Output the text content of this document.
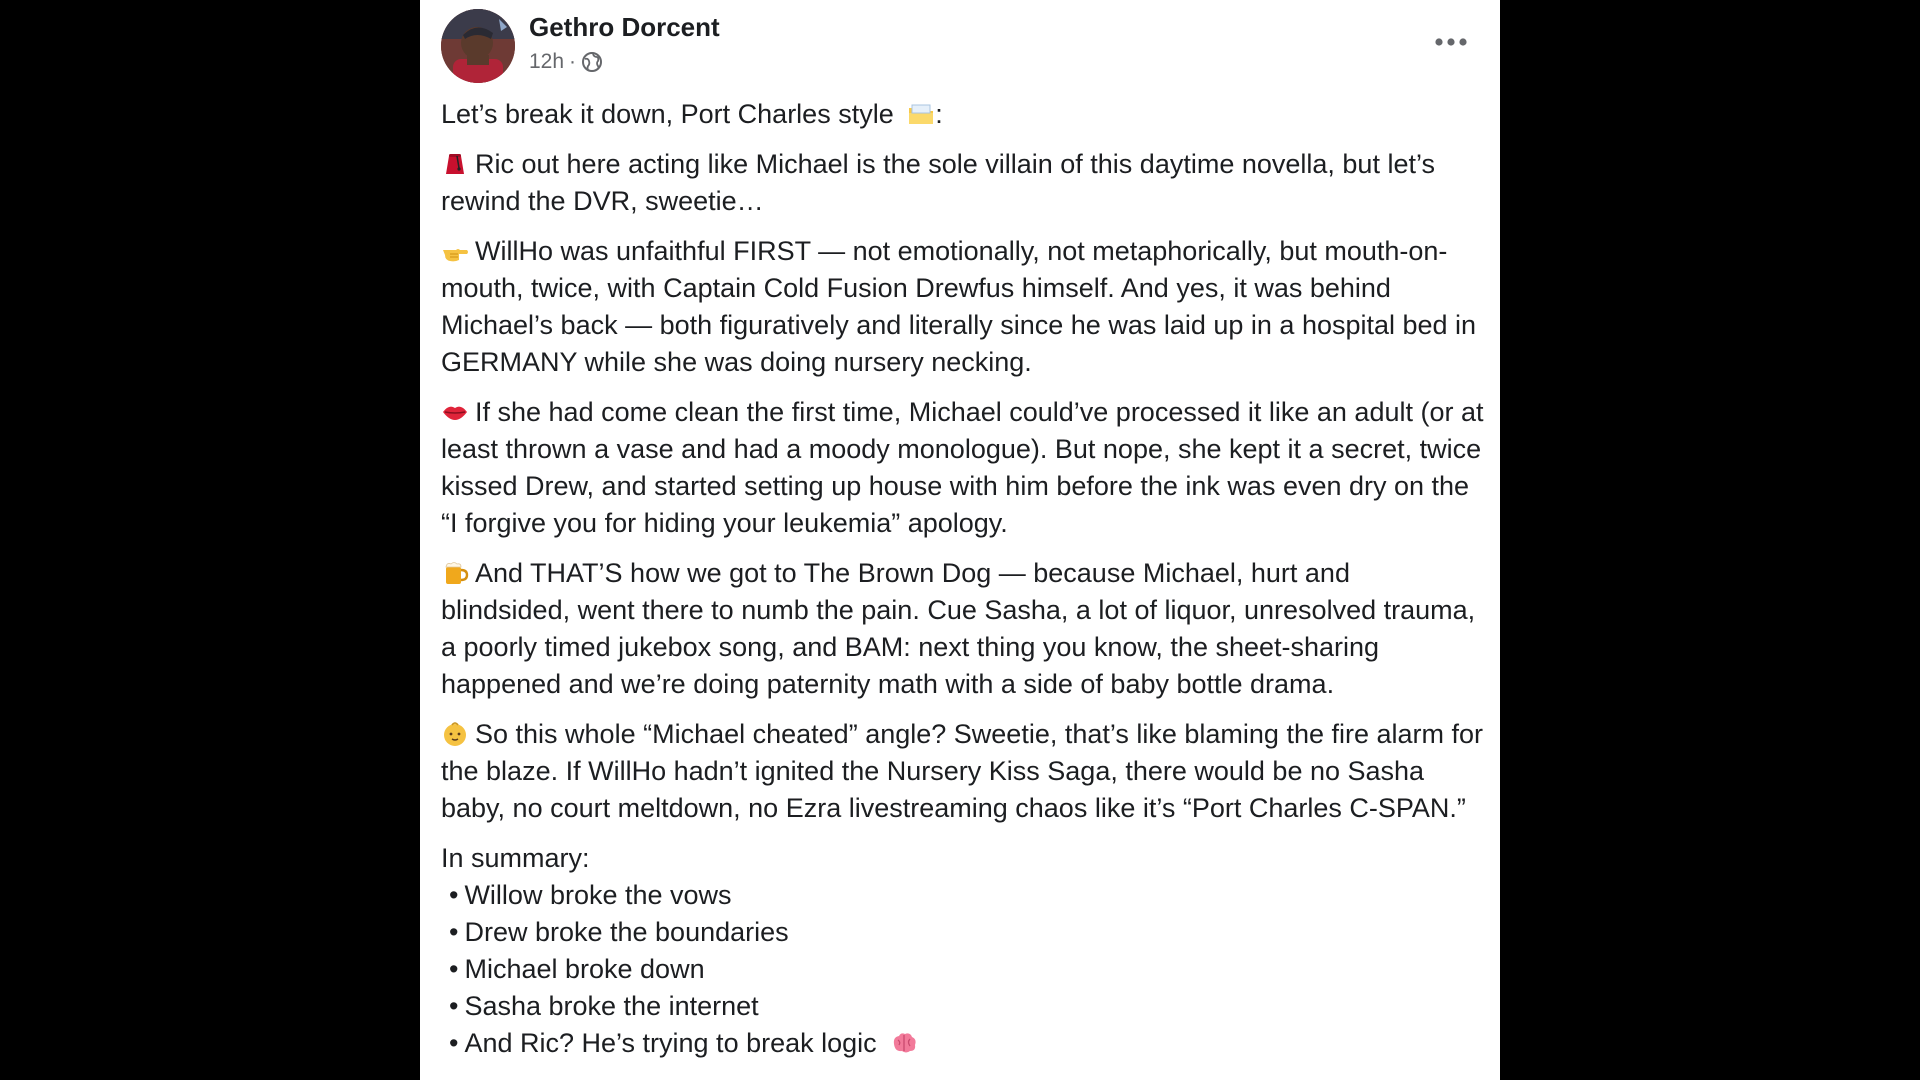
Gethro Dorcent
12h ·

Let’s break it down, Port Charles style :

Ric out here acting like Michael is the sole villain of this daytime novella, but let’s rewind the DVR, sweetie…

WillHo was unfaithful FIRST — not emotionally, not metaphorically, but mouth-on-mouth, twice, with Captain Cold Fusion Drewfus himself. And yes, it was behind Michael’s back — both figuratively and literally since he was laid up in a hospital bed in GERMANY while she was doing nursery necking.

If she had come clean the first time, Michael could’ve processed it like an adult (or at least thrown a vase and had a moody monologue). But nope, she kept it a secret, twice kissed Drew, and started setting up house with him before the ink was even dry on the “I forgive you for hiding your leukemia” apology.

And THAT’S how we got to The Brown Dog — because Michael, hurt and blindsided, went there to numb the pain. Cue Sasha, a lot of liquor, unresolved trauma, a poorly timed jukebox song, and BAM: next thing you know, the sheet-sharing happened and we’re doing paternity math with a side of baby bottle drama.

So this whole “Michael cheated” angle? Sweetie, that’s like blaming the fire alarm for the blaze. If WillHo hadn’t ignited the Nursery Kiss Saga, there would be no Sasha baby, no court meltdown, no Ezra livestreaming chaos like it’s “Port Charles C-SPAN.”

In summary:
• Willow broke the vows
• Drew broke the boundaries
• Michael broke down
• Sasha broke the internet
• And Ric? He’s trying to break logic
